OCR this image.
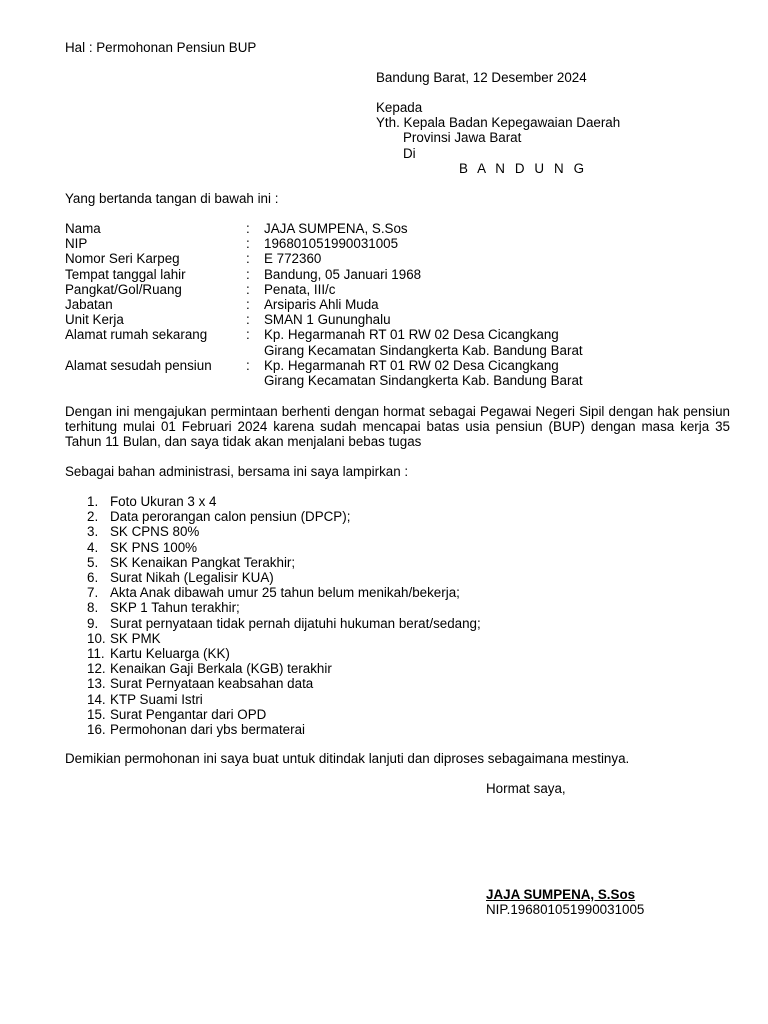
Hal : Permohonan Pensiun BUP
Bandung Barat, 12 Desember 2024
Kepada
Yth. Kepala Badan Kepegawaian Daerah
Provinsi Jawa Barat
Di
B A N D U N G
Yang bertanda tangan di bawah ini :
Nama	:	JAJA SUMPENA, S.Sos
NIP	:	196801051990031005
Nomor Seri Karpeg	:	E 772360
Tempat tanggal lahir	:	Bandung, 05 Januari 1968
Pangkat/Gol/Ruang	:	Penata, III/c
Jabatan	:	Arsiparis Ahli Muda
Unit Kerja	:	SMAN 1 Gununghalu
Alamat rumah sekarang	:	Kp. Hegarmanah RT 01 RW 02 Desa Cicangkang
Girang Kecamatan Sindangkerta Kab. Bandung Barat

Alamat sesudah pensiun	:	Kp. Hegarmanah RT 01 RW 02 Desa Cicangkang
Girang Kecamatan Sindangkerta Kab. Bandung Barat
Dengan ini mengajukan permintaan berhenti dengan hormat sebagai Pegawai Negeri Sipil dengan hak pensiun terhitung mulai 01 Februari 2024 karena sudah mencapai batas usia pensiun (BUP) dengan masa kerja 35 Tahun 11 Bulan, dan saya tidak akan menjalani bebas tugas
Sebagai bahan administrasi, bersama ini saya lampirkan :
1. Foto Ukuran 3 x 4
2. Data perorangan calon pensiun (DPCP);
3. SK CPNS 80%
4. SK PNS 100%
5. SK Kenaikan Pangkat Terakhir;
6. Surat Nikah (Legalisir KUA)
7. Akta Anak dibawah umur 25 tahun belum menikah/bekerja;
8. SKP 1 Tahun terakhir;
9. Surat pernyataan tidak pernah dijatuhi hukuman berat/sedang;
10. SK PMK
11. Kartu Keluarga (KK)
12. Kenaikan Gaji Berkala (KGB) terakhir
13. Surat Pernyataan keabsahan data
14. KTP Suami Istri
15. Surat Pengantar dari OPD
16. Permohonan dari ybs bermaterai
Demikian permohonan ini saya buat untuk ditindak lanjuti dan diproses sebagaimana mestinya.
Hormat saya,
JAJA SUMPENA, S.Sos
NIP.196801051990031005
